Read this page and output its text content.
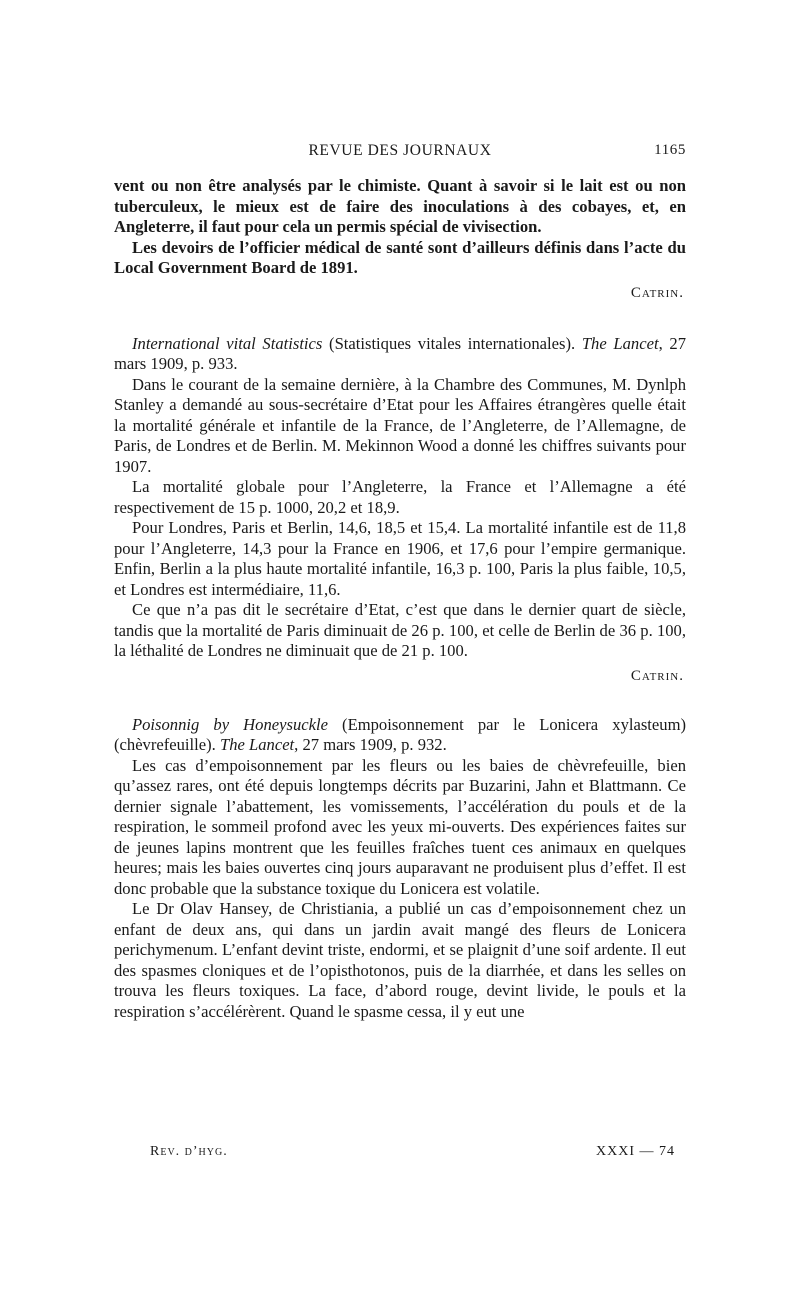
REVUE DES JOURNAUX	1165

vent ou non être analysés par le chimiste. Quant à savoir si le lait est ou non tuberculeux, le mieux est de faire des inoculations à des cobayes, et, en Angleterre, il faut pour cela un permis spécial de vivisection.

Les devoirs de l’officier médical de santé sont d’ailleurs définis dans l’acte du Local Government Board de 1891.

Catrin.
International vital Statistics (Statistiques vitales internationales). The Lancet, 27 mars 1909, p. 933.

Dans le courant de la semaine dernière, à la Chambre des Communes, M. Dynlph Stanley a demandé au sous-secrétaire d’Etat pour les Affaires étrangères quelle était la mortalité générale et infantile de la France, de l’Angleterre, de l’Allemagne, de Paris, de Londres et de Berlin. M. Mekinnon Wood a donné les chiffres suivants pour 1907.

La mortalité globale pour l’Angleterre, la France et l’Allemagne a été respectivement de 15 p. 1000, 20,2 et 18,9.

Pour Londres, Paris et Berlin, 14,6, 18,5 et 15,4. La mortalité infantile est de 11,8 pour l’Angleterre, 14,3 pour la France en 1906, et 17,6 pour l’empire germanique. Enfin, Berlin a la plus haute mortalité infantile, 16,3 p. 100, Paris la plus faible, 10,5, et Londres est intermédiaire, 11,6.

Ce que n’a pas dit le secrétaire d’Etat, c’est que dans le dernier quart de siècle, tandis que la mortalité de Paris diminuait de 26 p. 100, et celle de Berlin de 36 p. 100, la léthalité de Londres ne diminuait que de 21 p. 100.

Catrin.
Poisonnig by Honeysuckle (Empoisonnement par le Lonicera xylasteum) (chèvrefeuille). The Lancet, 27 mars 1909, p. 932.

Les cas d’empoisonnement par les fleurs ou les baies de chèvrefeuille, bien qu’assez rares, ont été depuis longtemps décrits par Buzarini, Jahn et Blattmann. Ce dernier signale l’abattement, les vomissements, l’accélération du pouls et de la respiration, le sommeil profond avec les yeux mi-ouverts. Des expériences faites sur de jeunes lapins montrent que les feuilles fraîches tuent ces animaux en quelques heures; mais les baies ouvertes cinq jours auparavant ne produisent plus d’effet. Il est donc probable que la substance toxique du Lonicera est volatile.

Le Dr Olav Hansey, de Christiania, a publié un cas d’empoisonnement chez un enfant de deux ans, qui dans un jardin avait mangé des fleurs de Lonicera perichymenum. L’enfant devint triste, endormi, et se plaignit d’une soif ardente. Il eut des spasmes cloniques et de l’opisthotonos, puis de la diarrhée, et dans les selles on trouva les fleurs toxiques. La face, d’abord rouge, devint livide, le pouls et la respiration s’accélérèrent. Quand le spasme cessa, il y eut une

Rev. d’hyg.	XXXI — 74
